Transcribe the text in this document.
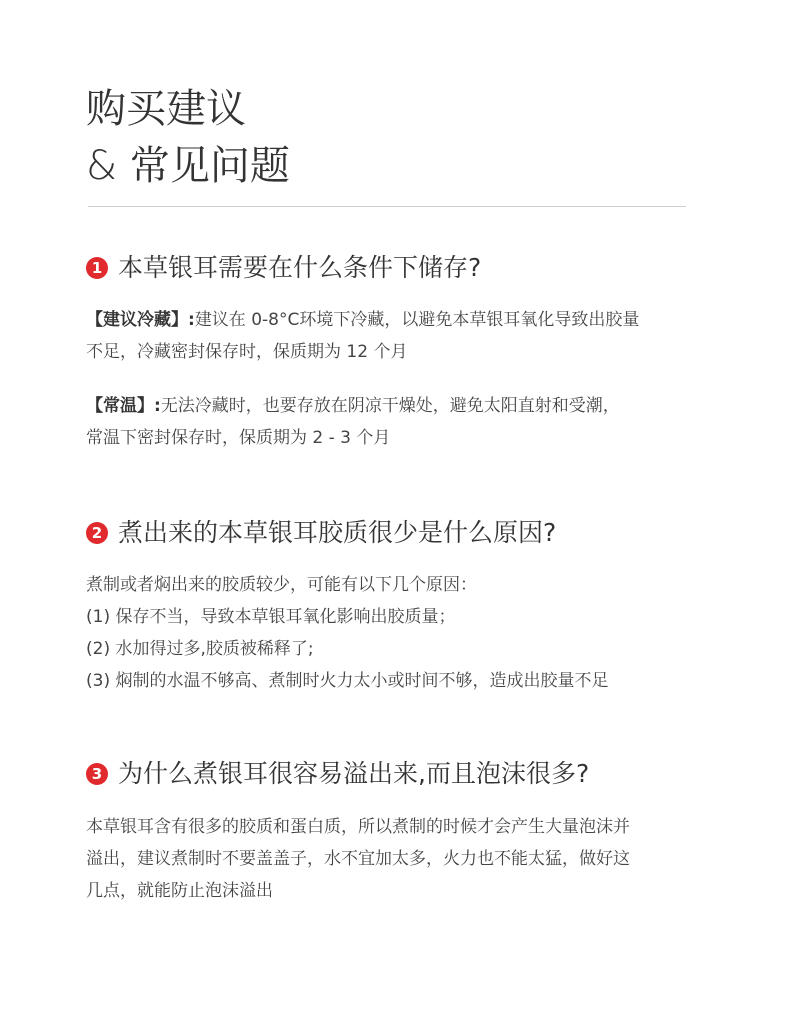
购买建议
& 常见问题
1 本草银耳需要在什么条件下储存?
【建议冷藏】:建议在 0-8°C环境下冷藏，以避免本草银耳氧化导致出胶量
不足，冷藏密封保存时，保质期为 12 个月
【常温】:无法冷藏时，也要存放在阴凉干燥处，避免太阳直射和受潮，
常温下密封保存时，保质期为 2 - 3 个月
2 煮出来的本草银耳胶质很少是什么原因?
煮制或者焖出来的胶质较少，可能有以下几个原因：
(1) 保存不当，导致本草银耳氧化影响出胶质量；
(2) 水加得过多,胶质被稀释了;
(3) 焖制的水温不够高、煮制时火力太小或时间不够，造成出胶量不足
3 为什么煮银耳很容易溢出来,而且泡沫很多?
本草银耳含有很多的胶质和蛋白质，所以煮制的时候才会产生大量泡沫并
溢出，建议煮制时不要盖盖子，水不宜加太多，火力也不能太猛，做好这
几点，就能防止泡沫溢出
